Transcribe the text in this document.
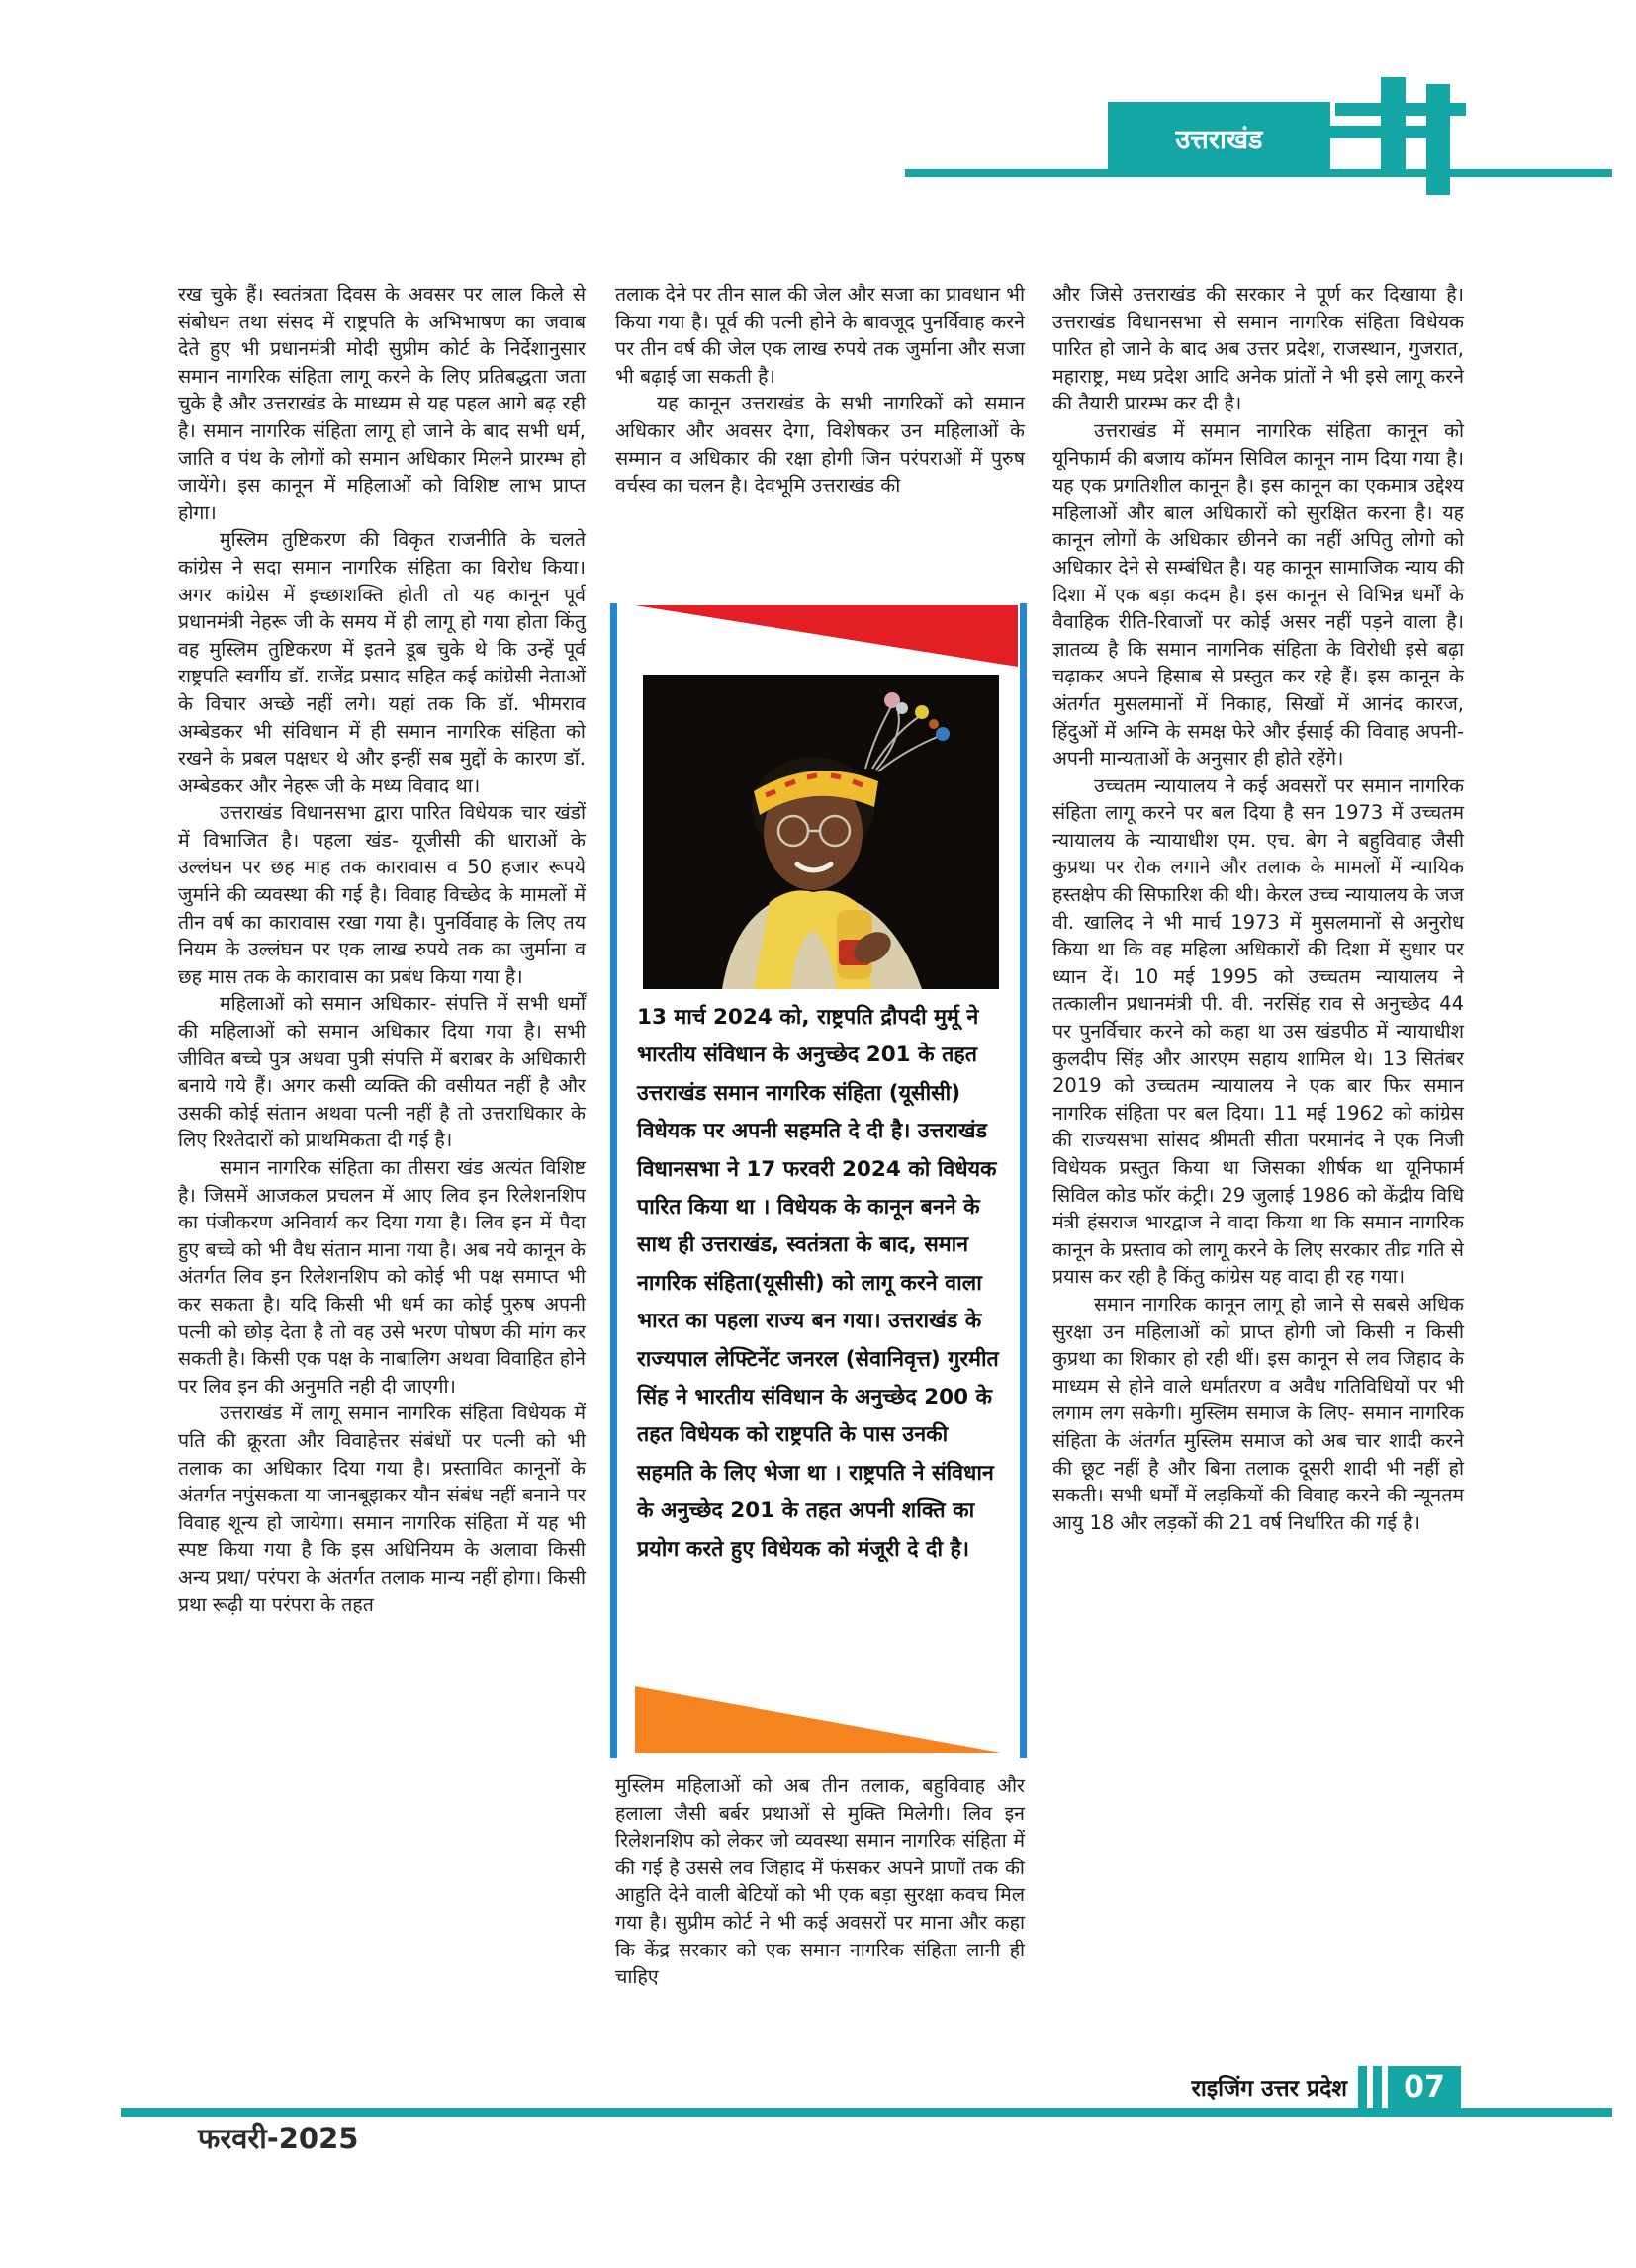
उत्तराखंड

रख चुके हैं। स्वतंत्रता दिवस के अवसर पर लाल किले से संबोधन तथा संसद में राष्ट्रपति के अभिभाषण का जवाब देते हुए भी प्रधानमंत्री मोदी सुप्रीम कोर्ट के निर्देशानुसार समान नागरिक संहिता लागू करने के लिए प्रतिबद्धता जता चुके है और उत्तराखंड के माध्यम से यह पहल आगे बढ़ रही है। समान नागरिक संहिता लागू हो जाने के बाद सभी धर्म, जाति व पंथ के लोगों को समान अधिकार मिलने प्रारम्भ हो जायेंगे। इस कानून में महिलाओं को विशिष्ट लाभ प्राप्त होगा।

मुस्लिम तुष्टिकरण की विकृत राजनीति के चलते कांग्रेस ने सदा समान नागरिक संहिता का विरोध किया। अगर कांग्रेस में इच्छाशक्ति होती तो यह कानून पूर्व प्रधानमंत्री नेहरू जी के समय में ही लागू हो गया होता किंतु वह मुस्लिम तुष्टिकरण में इतने डूब चुके थे कि उन्हें पूर्व राष्ट्रपति स्वर्गीय डॉ. राजेंद्र प्रसाद सहित कई कांग्रेसी नेताओं के विचार अच्छे नहीं लगे। यहां तक कि डॉ. भीमराव अम्बेडकर भी संविधान में ही समान नागरिक संहिता को रखने के प्रबल पक्षधर थे और इन्हीं सब मुद्दों के कारण डॉ. अम्बेडकर और नेहरू जी के मध्य विवाद था।

उत्तराखंड विधानसभा द्वारा पारित विधेयक चार खंडों में विभाजित है। पहला खंड- यूजीसी की धाराओं के उल्लंघन पर छह माह तक कारावास व 50 हजार रूपये जुर्माने की व्यवस्था की गई है। विवाह विच्छेद के मामलों में तीन वर्ष का कारावास रखा गया है। पुनर्विवाह के लिए तय नियम के उल्लंघन पर एक लाख रुपये तक का जुर्माना व छह मास तक के कारावास का प्रबंध किया गया है।

महिलाओं को समान अधिकार- संपत्ति में सभी धर्मों की महिलाओं को समान अधिकार दिया गया है। सभी जीवित बच्चे पुत्र अथवा पुत्री संपत्ति में बराबर के अधिकारी बनाये गये हैं। अगर कसी व्यक्ति की वसीयत नहीं है और उसकी कोई संतान अथवा पत्नी नहीं है तो उत्तराधिकार के लिए रिश्तेदारों को प्राथमिकता दी गई है।

समान नागरिक संहिता का तीसरा खंड अत्यंत विशिष्ट है। जिसमें आजकल प्रचलन में आए लिव इन रिलेशनशिप का पंजीकरण अनिवार्य कर दिया गया है। लिव इन में पैदा हुए बच्चे को भी वैध संतान माना गया है। अब नये कानून के अंतर्गत लिव इन रिलेशनशिप को कोई भी पक्ष समाप्त भी कर सकता है। यदि किसी भी धर्म का कोई पुरुष अपनी पत्नी को छोड़ देता है तो वह उसे भरण पोषण की मांग कर सकती है। किसी एक पक्ष के नाबालिग अथवा विवाहित होने पर लिव इन की अनुमति नही दी जाएगी।

उत्तराखंड में लागू समान नागरिक संहिता विधेयक में पति की क्रूरता और विवाहेत्तर संबंधों पर पत्नी को भी तलाक का अधिकार दिया गया है। प्रस्तावित कानूनों के अंतर्गत नपुंसकता या जानबूझकर यौन संबंध नहीं बनाने पर विवाह शून्य हो जायेगा। समान नागरिक संहिता में यह भी स्पष्ट किया गया है कि इस अधिनियम के अलावा किसी अन्य प्रथा/ परंपरा के अंतर्गत तलाक मान्य नहीं होगा। किसी प्रथा रूढ़ी या परंपरा के तहत

तलाक देने पर तीन साल की जेल और सजा का प्रावधान भी किया गया है। पूर्व की पत्नी होने के बावजूद पुनर्विवाह करने पर तीन वर्ष की जेल एक लाख रुपये तक जुर्माना और सजा भी बढ़ाई जा सकती है।

यह कानून उत्तराखंड के सभी नागरिकों को समान अधिकार और अवसर देगा, विशेषकर उन महिलाओं के सम्मान व अधिकार की रक्षा होगी जिन परंपराओं में पुरुष वर्चस्व का चलन है। देवभूमि उत्तराखंड की

13 मार्च 2024 को, राष्ट्रपति द्रौपदी मुर्मू ने भारतीय संविधान के अनुच्छेद 201 के तहत उत्तराखंड समान नागरिक संहिता (यूसीसी) विधेयक पर अपनी सहमति दे दी है। उत्तराखंड विधानसभा ने 17 फरवरी 2024 को विधेयक पारित किया था । विधेयक के कानून बनने के साथ ही उत्तराखंड, स्वतंत्रता के बाद, समान नागरिक संहिता(यूसीसी) को लागू करने वाला भारत का पहला राज्य बन गया। उत्तराखंड के राज्यपाल लेफ्टिनेंट जनरल (सेवानिवृत्त) गुरमीत सिंह ने भारतीय संविधान के अनुच्छेद 200 के तहत विधेयक को राष्ट्रपति के पास उनकी सहमति के लिए भेजा था । राष्ट्रपति ने संविधान के अनुच्छेद 201 के तहत अपनी शक्ति का प्रयोग करते हुए विधेयक को मंजूरी दे दी है।

मुस्लिम महिलाओं को अब तीन तलाक, बहुविवाह और हलाला जैसी बर्बर प्रथाओं से मुक्ति मिलेगी। लिव इन रिलेशनशिप को लेकर जो व्यवस्था समान नागरिक संहिता में की गई है उससे लव जिहाद में फंसकर अपने प्राणों तक की आहुति देने वाली बेटियों को भी एक बड़ा सुरक्षा कवच मिल गया है। सुप्रीम कोर्ट ने भी कई अवसरों पर माना और कहा कि केंद्र सरकार को एक समान नागरिक संहिता लानी ही चाहिए

और जिसे उत्तराखंड की सरकार ने पूर्ण कर दिखाया है। उत्तराखंड विधानसभा से समान नागरिक संहिता विधेयक पारित हो जाने के बाद अब उत्तर प्रदेश, राजस्थान, गुजरात, महाराष्ट्र, मध्य प्रदेश आदि अनेक प्रांतों ने भी इसे लागू करने की तैयारी प्रारम्भ कर दी है।

उत्तराखंड में समान नागरिक संहिता कानून को यूनिफार्म की बजाय कॉमन सिविल कानून नाम दिया गया है। यह एक प्रगतिशील कानून है। इस कानून का एकमात्र उद्देश्य महिलाओं और बाल अधिकारों को सुरक्षित करना है। यह कानून लोगों के अधिकार छीनने का नहीं अपितु लोगो को अधिकार देने से सम्बंधित है। यह कानून सामाजिक न्याय की दिशा में एक बड़ा कदम है। इस कानून से विभिन्न धर्मों के वैवाहिक रीति-रिवाजों पर कोई असर नहीं पड़ने वाला है। ज्ञातव्य है कि समान नागनिक संहिता के विरोधी इसे बढ़ा चढ़ाकर अपने हिसाब से प्रस्तुत कर रहे हैं। इस कानून के अंतर्गत मुसलमानों में निकाह, सिखों में आनंद कारज, हिंदुओं में अग्नि के समक्ष फेरे और ईसाई की विवाह अपनी-अपनी मान्यताओं के अनुसार ही होते रहेंगे।

उच्चतम न्यायालय ने कई अवसरों पर समान नागरिक संहिता लागू करने पर बल दिया है सन 1973 में उच्चतम न्यायालय के न्यायाधीश एम. एच. बेग ने बहुविवाह जैसी कुप्रथा पर रोक लगाने और तलाक के मामलों में न्यायिक हस्तक्षेप की सिफारिश की थी। केरल उच्च न्यायालय के जज वी. खालिद ने भी मार्च 1973 में मुसलमानों से अनुरोध किया था कि वह महिला अधिकारों की दिशा में सुधार पर ध्यान दें। 10 मई 1995 को उच्चतम न्यायालय ने तत्कालीन प्रधानमंत्री पी. वी. नरसिंह राव से अनुच्छेद 44 पर पुनर्विचार करने को कहा था उस खंडपीठ में न्यायाधीश कुलदीप सिंह और आरएम सहाय शामिल थे। 13 सितंबर 2019 को उच्चतम न्यायालय ने एक बार फिर समान नागरिक संहिता पर बल दिया। 11 मई 1962 को कांग्रेस की राज्यसभा सांसद श्रीमती सीता परमानंद ने एक निजी विधेयक प्रस्तुत किया था जिसका शीर्षक था यूनिफार्म सिविल कोड फॉर कंट्री। 29 जुलाई 1986 को केंद्रीय विधि मंत्री हंसराज भारद्वाज ने वादा किया था कि समान नागरिक कानून के प्रस्ताव को लागू करने के लिए सरकार तीव्र गति से प्रयास कर रही है किंतु कांग्रेस यह वादा ही रह गया।

समान नागरिक कानून लागू हो जाने से सबसे अधिक सुरक्षा उन महिलाओं को प्राप्त होगी जो किसी न किसी कुप्रथा का शिकार हो रही थीं। इस कानून से लव जिहाद के माध्यम से होने वाले धर्मांतरण व अवैध गतिविधियों पर भी लगाम लग सकेगी। मुस्लिम समाज के लिए- समान नागरिक संहिता के अंतर्गत मुस्लिम समाज को अब चार शादी करने की छूट नहीं है और बिना तलाक दूसरी शादी भी नहीं हो सकती। सभी धर्मों में लड़कियों की विवाह करने की न्यूनतम आयु 18 और लड़कों की 21 वर्ष निर्धारित की गई है।

फरवरी-2025
राइजिंग उत्तर प्रदेश 07
